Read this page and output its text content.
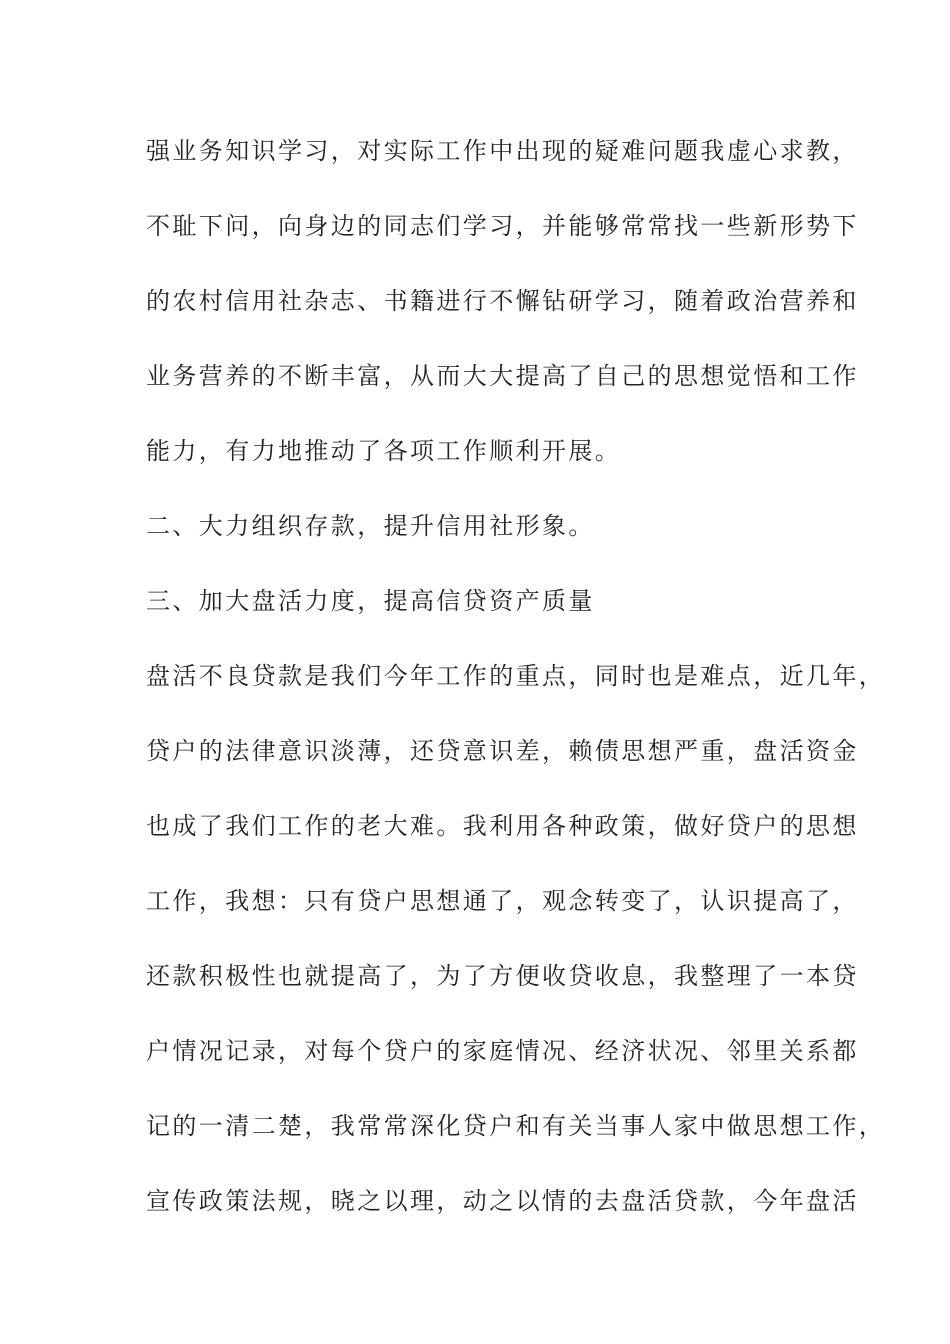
强业务知识学习，对实际工作中出现的疑难问题我虚心求教，
不耻下问，向身边的同志们学习，并能够常常找一些新形势下
的农村信用社杂志、书籍进行不懈钻研学习，随着政治营养和
业务营养的不断丰富，从而大大提高了自己的思想觉悟和工作
能力，有力地推动了各项工作顺利开展。
二、大力组织存款，提升信用社形象。
三、加大盘活力度，提高信贷资产质量
盘活不良贷款是我们今年工作的重点，同时也是难点，近几年，
贷户的法律意识淡薄，还贷意识差，赖债思想严重，盘活资金
也成了我们工作的老大难。我利用各种政策，做好贷户的思想
工作，我想：只有贷户思想通了，观念转变了，认识提高了，
还款积极性也就提高了，为了方便收贷收息，我整理了一本贷
户情况记录，对每个贷户的家庭情况、经济状况、邻里关系都
记的一清二楚，我常常深化贷户和有关当事人家中做思想工作，
宣传政策法规，晓之以理，动之以情的去盘活贷款，今年盘活
